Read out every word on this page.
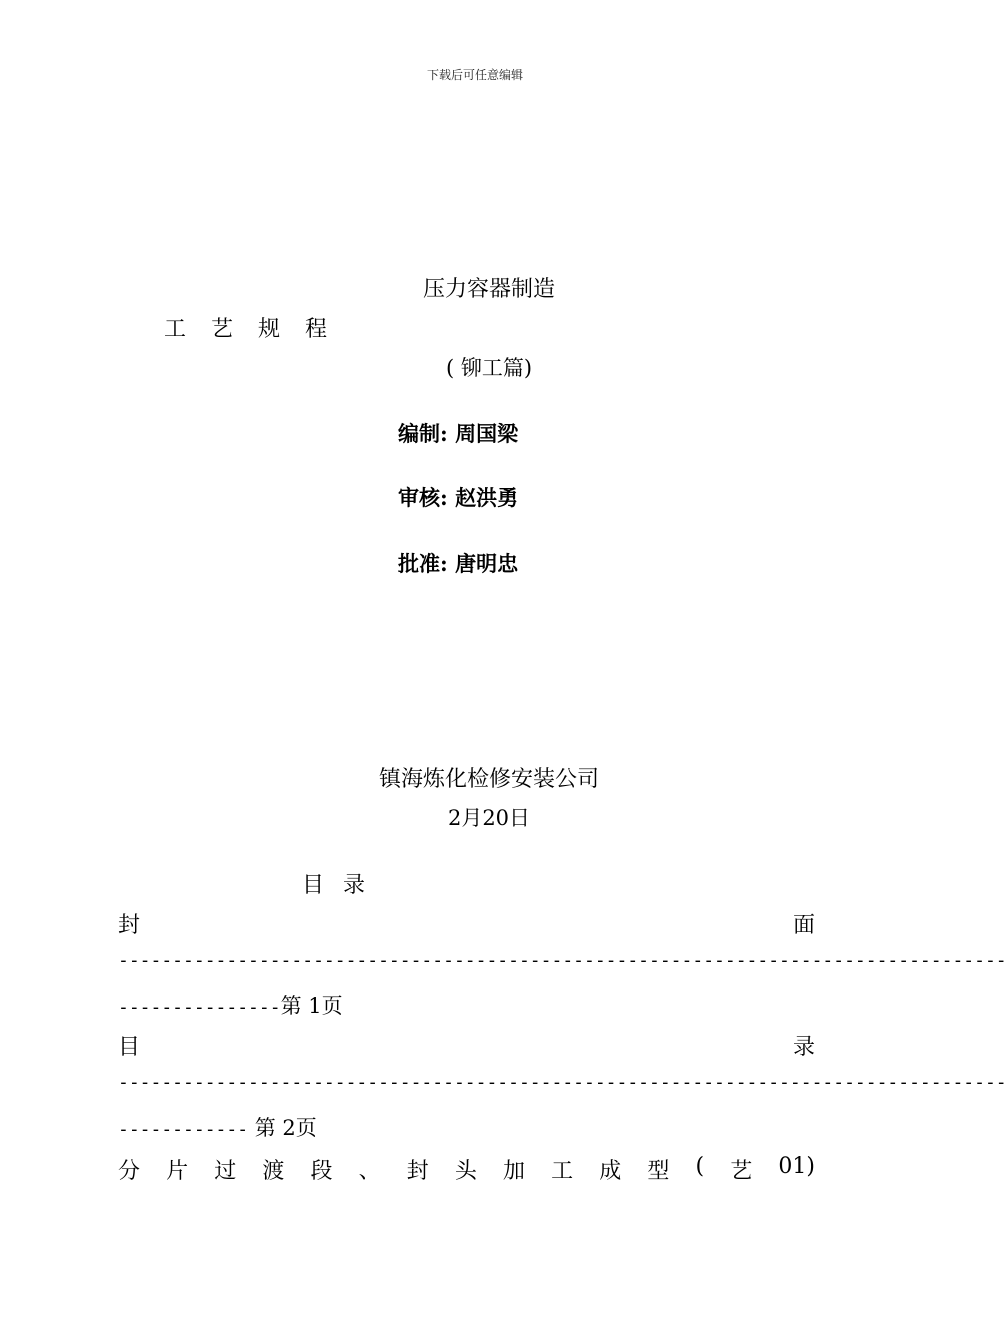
下载后可任意编辑
压力容器制造
工 艺 规 程
( 铆工篇)
编制: 周国梁
审核: 赵洪勇
批准: 唐明忠
镇海炼化检修安装公司
2月20日
目 录
封	面
----------------------------------------------------------------------------------
---------------第 1页
目	录
----------------------------------------------------------------------------------
------------ 第 2页
分 片 过 渡 段 、 封 头 加 工 成 型 ( 艺 01)
